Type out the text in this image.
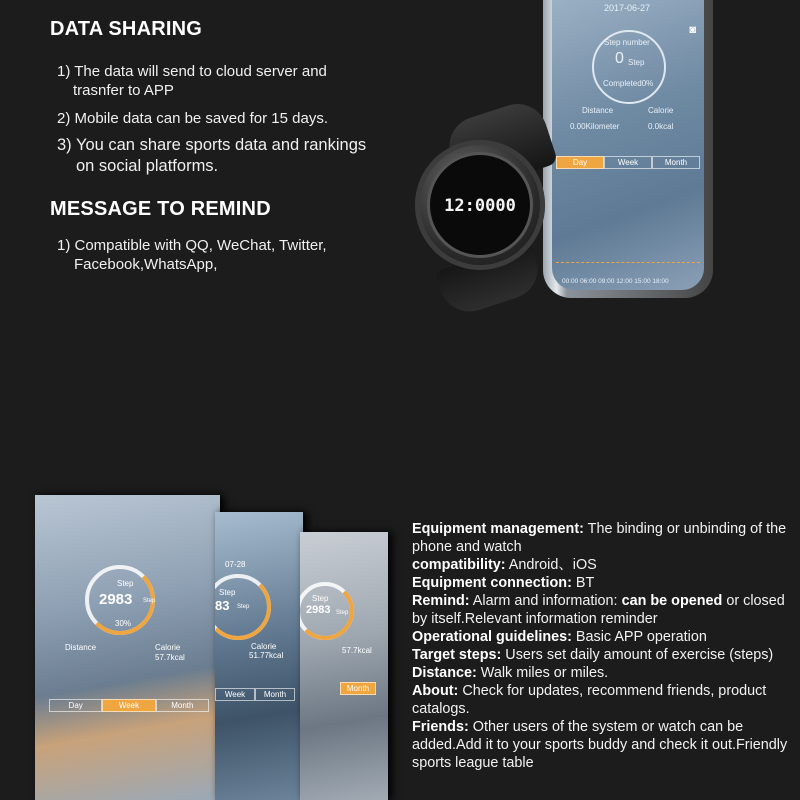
DATA SHARING
1) The data will send to cloud server and
trasnfer to APP
2) Mobile data can be saved for 15 days.
3) You can share sports data and rankings
on social platforms.
MESSAGE TO REMIND
1) Compatible with QQ, WeChat, Twitter,
Facebook,WhatsApp,
2017-06-27
◙
Step number
0 Step
Completed0%
Distance	Calorie
0.00Kilometer	0.0kcal
Day	Week	Month
00:00 06:00 09:00 12:00 15:00 18:00
12:0000
Step
2983 Step
30%
Distance	Calorie
57.7kcal
Day	Week	Month
07-28
Step
83 Step
Calorie
51.77kcal
Week	Month
Step
2983 Step
57.7kcal
Month
Equipment management: The binding or unbinding of the phone and watch
compatibility: Android、iOS
Equipment connection: BT
Remind: Alarm and information: can be opened or closed by itself.Relevant information reminder
Operational guidelines: Basic APP operation
Target steps: Users set daily amount of exercise (steps)
Distance: Walk miles or miles.
About: Check for updates, recommend friends, product catalogs.
Friends: Other users of the system or watch can be added.Add it to your sports buddy and check it out.Friendly sports league table
